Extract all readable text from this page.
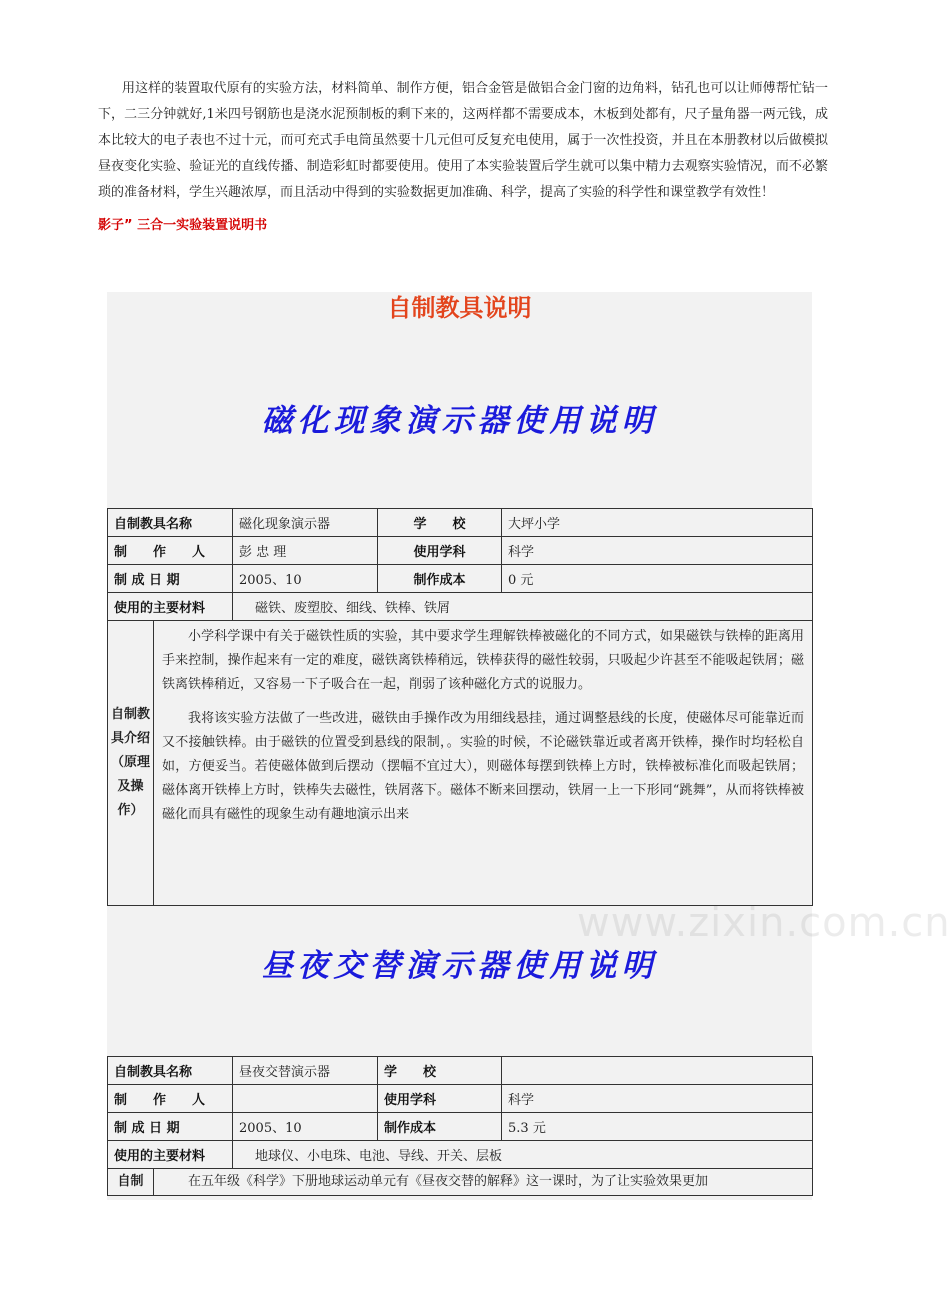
用这样的装置取代原有的实验方法，材料简单、制作方便，铝合金管是做铝合金门窗的边角料，钻孔也可以让师傅帮忙钻一下，二三分钟就好,1米四号钢筋也是浇水泥预制板的剩下来的，这两样都不需要成本，木板到处都有，尺子量角器一两元钱，成本比较大的电子表也不过十元，而可充式手电筒虽然要十几元但可反复充电使用，属于一次性投资，并且在本册教材以后做模拟昼夜变化实验、验证光的直线传播、制造彩虹时都要使用。使用了本实验装置后学生就可以集中精力去观察实验情况，而不必繁琐的准备材料，学生兴趣浓厚，而且活动中得到的实验数据更加准确、科学，提高了实验的科学性和课堂教学有效性！
影子” 三合一实验装置说明书
自制教具说明
www.zixin.com.cn
磁化现象演示器使用说明
自制教具名称		磁化现象演示器	学　　校	大坪小学
制　　作　　人		彭 忠 理	使用学科	科学
制 成 日 期		2005、10	制作成本	0 元
使用的主要材料		磁铁、废塑胶、细线、铁棒、铁屑		
自制教具介绍（原理及操作）	小学科学课中有关于磁铁性质的实验，其中要求学生理解铁棒被磁化的不同方式，如果磁铁与铁棒的距离用手来控制，操作起来有一定的难度，磁铁离铁棒稍远，铁棒获得的磁性较弱，只吸起少许甚至不能吸起铁屑；磁铁离铁棒稍近，又容易一下子吸合在一起，削弱了该种磁化方式的说服力。

我将该实验方法做了一些改进，磁铁由手操作改为用细线悬挂，通过调整悬线的长度，使磁体尽可能靠近而又不接触铁棒。由于磁铁的位置受到悬线的限制，。实验的时候，不论磁铁靠近或者离开铁棒，操作时均轻松自如，方便妥当。若使磁体做到后摆动（摆幅不宜过大），则磁体每摆到铁棒上方时，铁棒被标准化而吸起铁屑；磁体离开铁棒上方时，铁棒失去磁性，铁屑落下。磁体不断来回摆动，铁屑一上一下形同“跳舞”，从而将铁棒被磁化而具有磁性的现象生动有趣地演示出来			

昼夜交替演示器使用说明
自制教具名称		昼夜交替演示器	学　　校	
制　　作　　人			使用学科	科学
制 成 日 期		2005、10	制作成本	5.3 元
使用的主要材料		地球仪、小电珠、电池、导线、开关、层板		
自制	在五年级《科学》下册地球运动单元有《昼夜交替的解释》这一课时，为了让实验效果更加			
